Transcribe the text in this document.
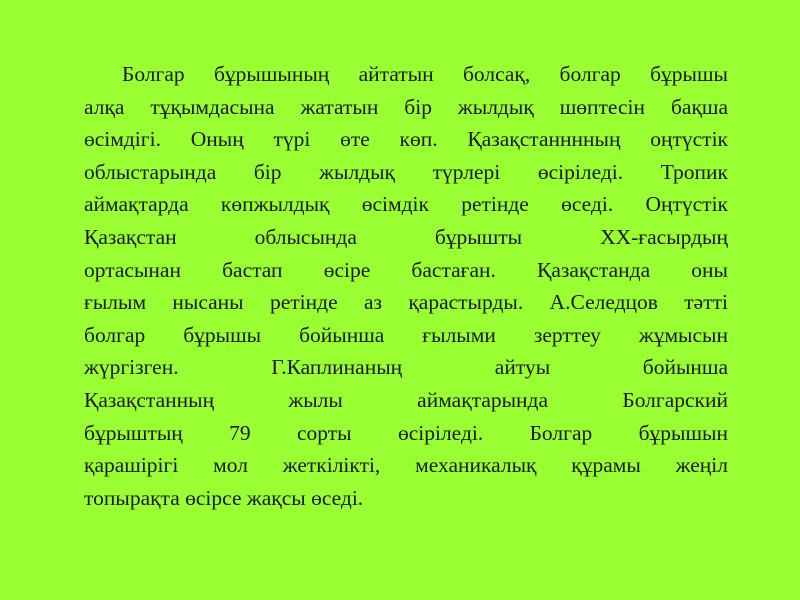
Болгар бұрышының айтатын болсақ, болгар бұрышы
алқа тұқымдасына жататын бір жылдық шөптесін бақша
өсімдігі. Оның түрі өте көп. Қазақстанннның оңтүстік
облыстарында бір жылдық түрлері өсіріледі. Тропик
аймақтарда көпжылдық өсімдік ретінде өседі. Оңтүстік
Қазақстан облысында бұрышты ХХ-ғасырдың
ортасынан бастап өсіре бастаған. Қазақстанда оны
ғылым нысаны ретінде аз қарастырды. А.Селедцов тәтті
болгар бұрышы бойынша ғылыми зерттеу жұмысын
жүргізген. Г.Каплинаның айтуы бойынша
Қазақстанның жылы аймақтарында Болгарский
бұрыштың 79 сорты өсіріледі. Болгар бұрышын
қарашірігі мол жеткілікті, механикалық құрамы жеңіл
топырақта өсірсе жақсы өседі.
